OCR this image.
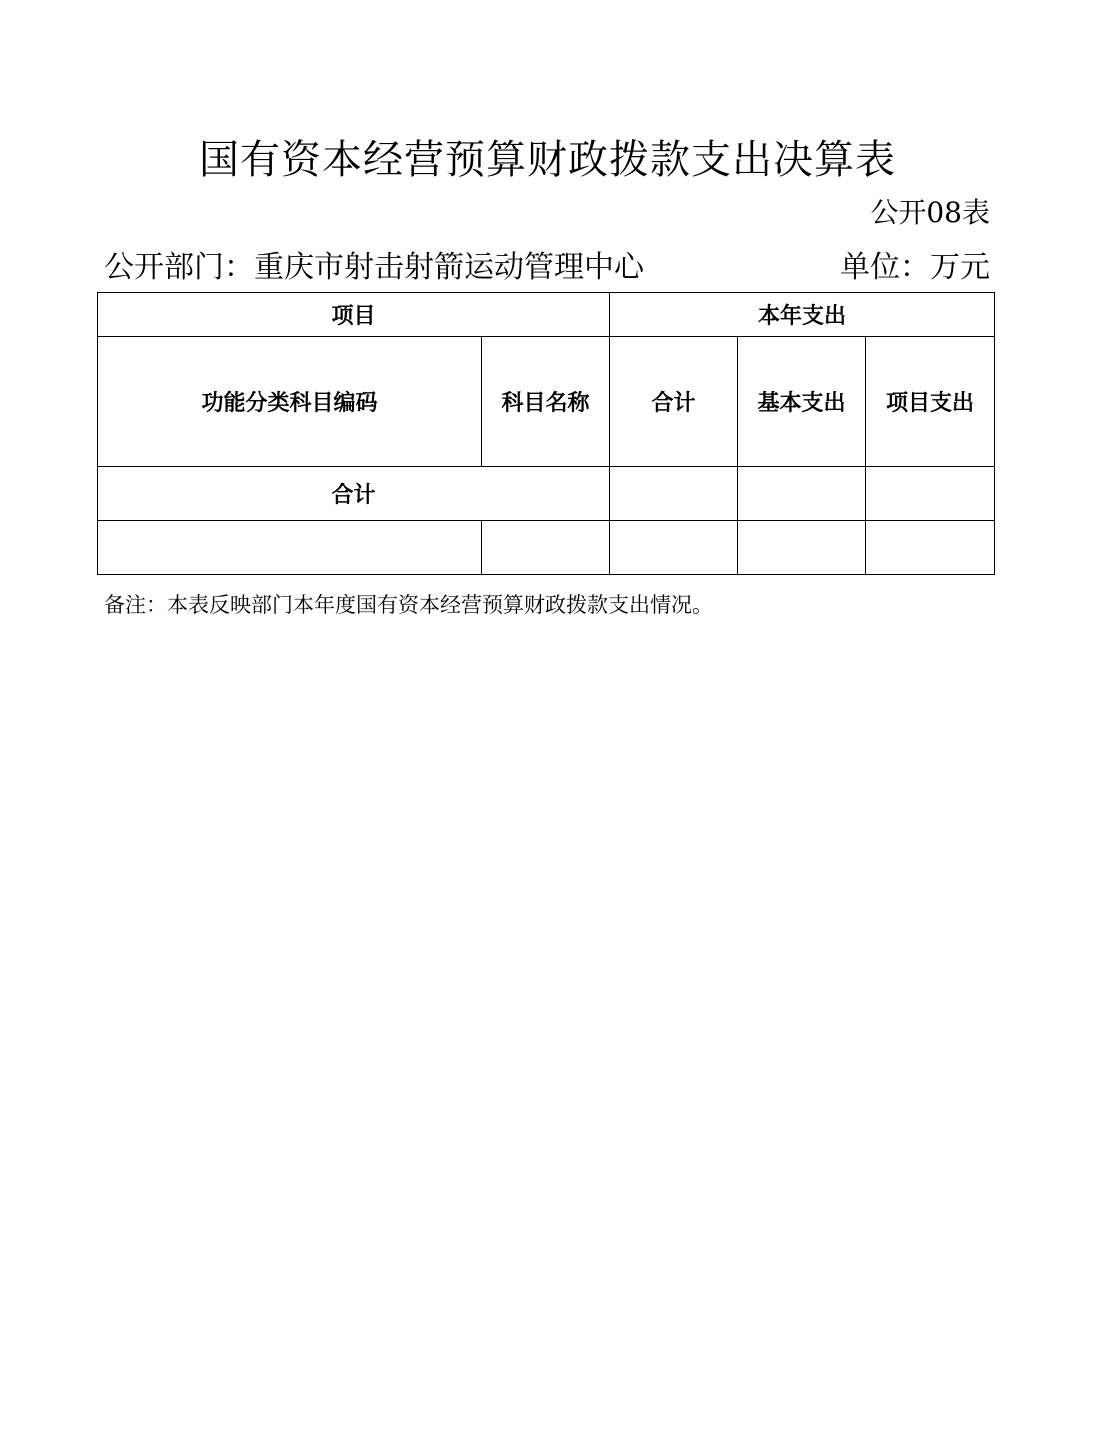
国有资本经营预算财政拨款支出决算表
公开08表
公开部门：重庆市射击射箭运动管理中心	单位：万元
项目		本年支出		
功能分类科目编码	科目名称	合计	基本支出	项目支出
合计				

备注：本表反映部门本年度国有资本经营预算财政拨款支出情况。
